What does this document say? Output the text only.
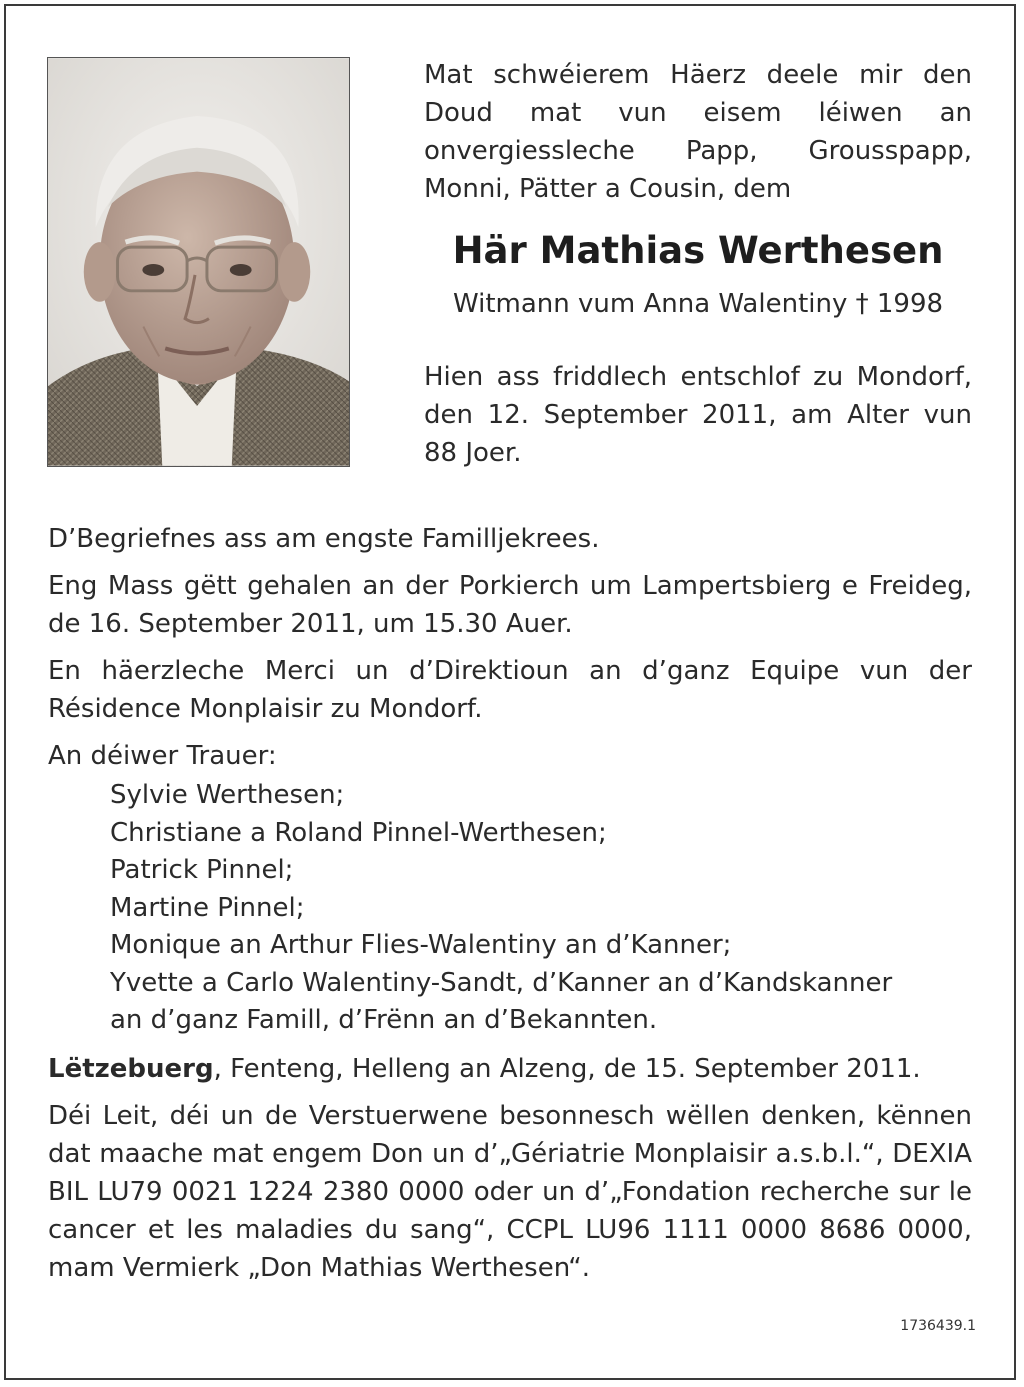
Mat schwéierem Häerz deele mir den Doud mat vun eisem léiwen an onvergiessleche Papp, Grousspapp, Monni, Pätter a Cousin, dem
Här Mathias Werthesen
Witmann vum Anna Walentiny † 1998
Hien ass friddlech entschlof zu Mondorf, den 12. September 2011, am Alter vun 88 Joer.

D’Begriefnes ass am engste Familljekrees.

Eng Mass gëtt gehalen an der Porkierch um Lampertsbierg e Freideg, de 16. September 2011, um 15.30 Auer.

En häerzleche Merci un d’Direktioun an d’ganz Equipe vun der Résidence Monplaisir zu Mondorf.

An déiwer Trauer:

Sylvie Werthesen;
Christiane a Roland Pinnel-Werthesen;
Patrick Pinnel;
Martine Pinnel;
Monique an Arthur Flies-Walentiny an d’Kanner;
Yvette a Carlo Walentiny-Sandt, d’Kanner an d’Kandskanner
an d’ganz Famill, d’Frënn an d’Bekannten.

Lëtzebuerg, Fenteng, Helleng an Alzeng, de 15. September 2011.

Déi Leit, déi un de Verstuerwene besonnesch wëllen denken, kënnen dat maache mat engem Don un d’„Gériatrie Monplaisir a.s.b.l.“, DEXIA BIL LU79 0021 1224 2380 0000 oder un d’„Fondation recherche sur le cancer et les maladies du sang“, CCPL LU96 1111 0000 8686 0000, mam Vermierk „Don Mathias Werthesen“.

1736439.1
